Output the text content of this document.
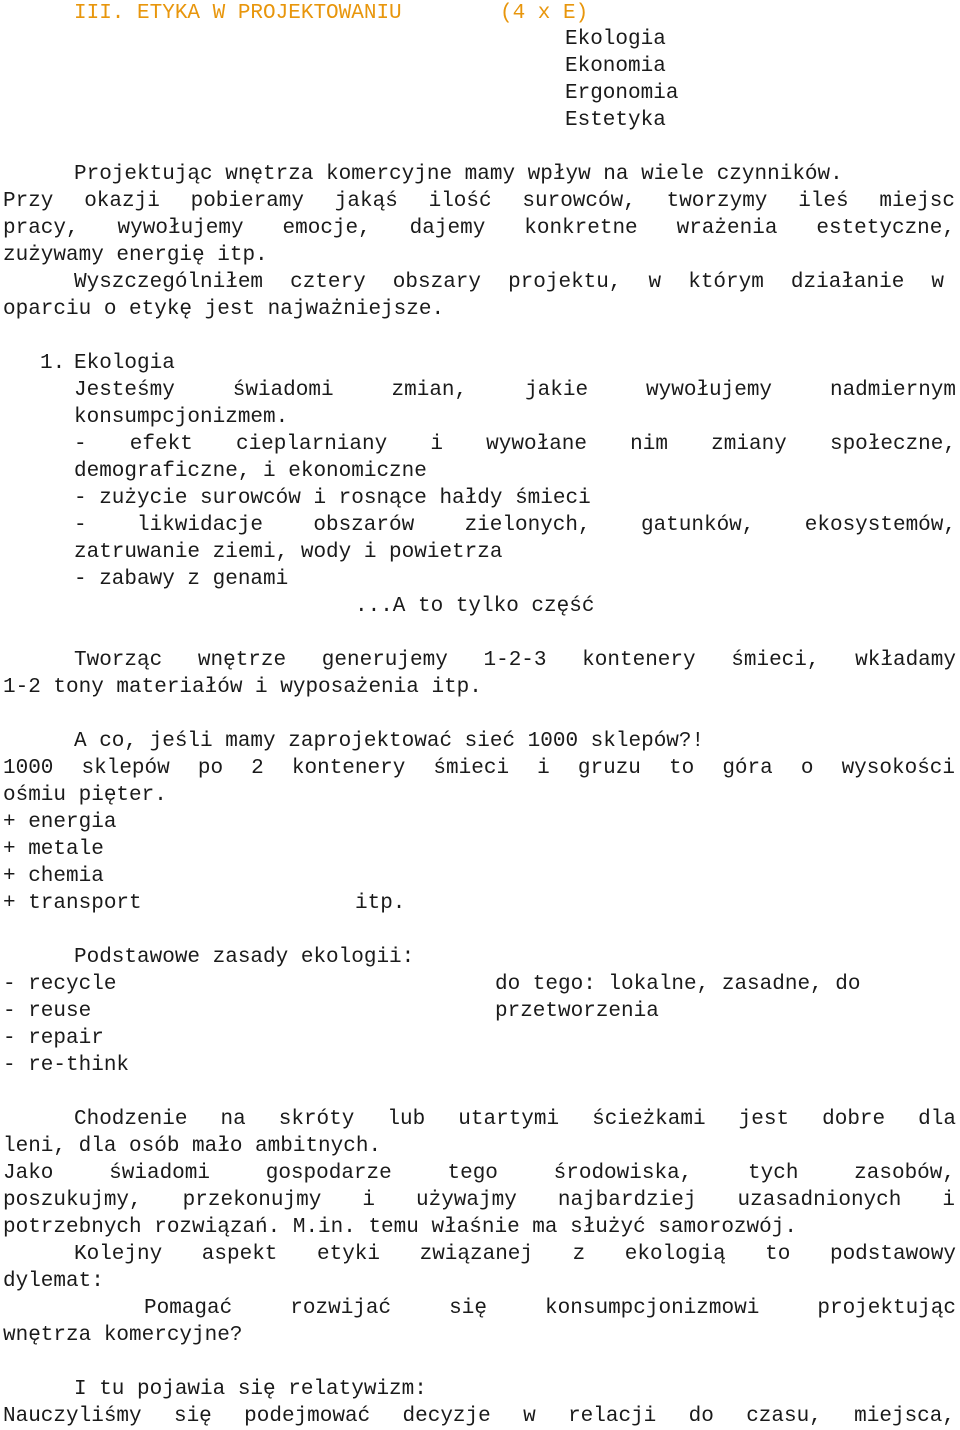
III. ETYKA W PROJEKTOWANIU	(4 x E)
Ekologia
Ekonomia
Ergonomia
Estetyka
Projektując wnętrza komercyjne mamy wpływ na wiele czynników.
Przy okazji pobieramy jakąś ilość surowców, tworzymy ileś miejsc
pracy, wywołujemy emocje, dajemy konkretne wrażenia estetyczne,
zużywamy energię itp.
Wyszczególniłem cztery obszary projektu, w którym działanie w
oparciu o etykę jest najważniejsze.
1. Ekologia
Jesteśmy świadomi zmian, jakie wywołujemy nadmiernym
konsumpcjonizmem.
- efekt cieplarniany i wywołane nim zmiany społeczne,
demograficzne, i ekonomiczne
- zużycie surowców i rosnące hałdy śmieci
- likwidacje obszarów zielonych, gatunków, ekosystemów,
zatruwanie ziemi, wody i powietrza
- zabawy z genami
...A to tylko część
Tworząc wnętrze generujemy 1-2-3 kontenery śmieci, wkładamy
1-2 tony materiałów i wyposażenia itp.
A co, jeśli mamy zaprojektować sieć 1000 sklepów?!
1000 sklepów po 2 kontenery śmieci i gruzu to góra o wysokości
ośmiu pięter.
+ energia
+ metale
+ chemia
+ transport	itp.
Podstawowe zasady ekologii:
- recycle
- reuse
- repair
- re-think
do tego: lokalne, zasadne, do
przetworzenia
Chodzenie na skróty lub utartymi ścieżkami jest dobre dla
leni, dla osób mało ambitnych.
Jako świadomi gospodarze tego środowiska, tych zasobów,
poszukujmy, przekonujmy i używajmy najbardziej uzasadnionych i
potrzebnych rozwiązań. M.in. temu właśnie ma służyć samorozwój.
Kolejny aspekt etyki związanej z ekologią to podstawowy
dylemat:
Pomagać rozwijać się konsumpcjonizmowi projektując
wnętrza komercyjne?
I tu pojawia się relatywizm:
Nauczyliśmy się podejmować decyzje w relacji do czasu, miejsca,
